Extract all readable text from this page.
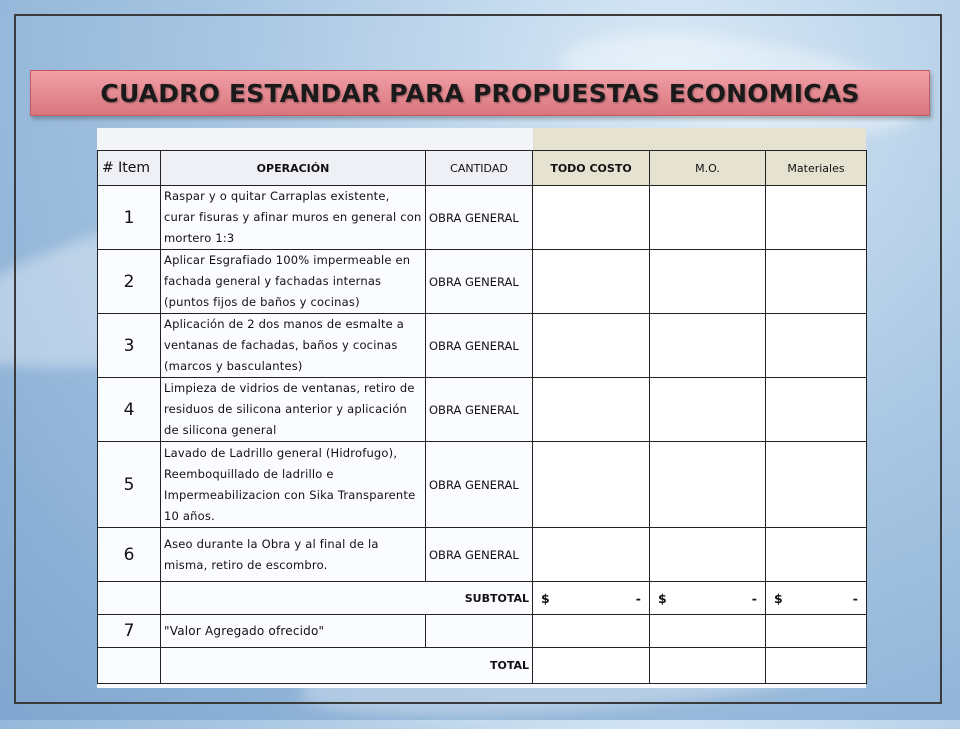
CUADRO ESTANDAR PARA PROPUESTAS ECONOMICAS
# Item	OPERACIÓN	CANTIDAD	TODO COSTO	M.O.	Materiales
1	Raspar y o quitar Carraplas existente, curar fisuras y afinar muros en general con mortero 1:3	OBRA GENERAL			
2	Aplicar Esgrafiado 100% impermeable en fachada general y fachadas internas (puntos fijos de baños y cocinas)	OBRA GENERAL			
3	Aplicación de 2 dos manos de esmalte a ventanas de fachadas, baños y cocinas (marcos y basculantes)	OBRA GENERAL			
4	Limpieza de vidrios de ventanas, retiro de residuos de silicona anterior y aplicación de silicona general	OBRA GENERAL			
5	Lavado de Ladrillo general (Hidrofugo), Reemboquillado de ladrillo e Impermeabilizacion con Sika Transparente 10 años.	OBRA GENERAL			
6	Aseo durante la Obra y al final de la misma, retiro de escombro.	OBRA GENERAL			
	SUBTOTAL		$ -	$ -	$ -

7	"Valor Agregado ofrecido"				
	TOTAL				
